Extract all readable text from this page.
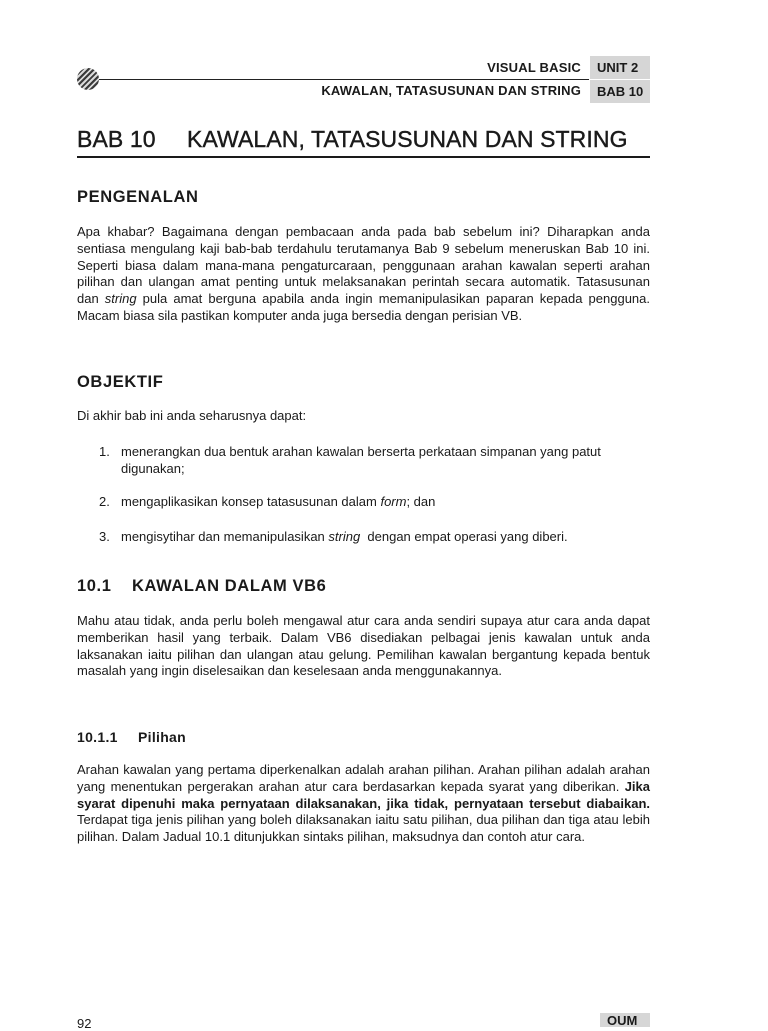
VISUAL BASIC	UNIT 2
KAWALAN, TATASUSUNAN DAN STRING	BAB 10
BAB 10 KAWALAN, TATASUSUNAN DAN STRING
PENGENALAN

Apa khabar? Bagaimana dengan pembacaan anda pada bab sebelum ini? Diharapkan anda sentiasa mengulang kaji bab-bab terdahulu terutamanya Bab 9 sebelum meneruskan Bab 10 ini. Seperti biasa dalam mana-mana pengaturcaraan, penggunaan arahan kawalan seperti arahan pilihan dan ulangan amat penting untuk melaksanakan perintah secara automatik. Tatasusunan dan string pula amat berguna apabila anda ingin memanipulasikan paparan kepada pengguna. Macam biasa sila pastikan komputer anda juga bersedia dengan perisian VB.

OBJEKTIF

Di akhir bab ini anda seharusnya dapat:

1. menerangkan dua bentuk arahan kawalan berserta perkataan simpanan yang patut digunakan;
2. mengaplikasikan konsep tatasusunan dalam form; dan
3. mengisytihar dan memanipulasikan string  dengan empat operasi yang diberi.
10.1 KAWALAN DALAM VB6

Mahu atau tidak, anda perlu boleh mengawal atur cara anda sendiri supaya atur cara anda dapat memberikan hasil yang terbaik. Dalam VB6 disediakan pelbagai jenis kawalan untuk anda laksanakan iaitu pilihan dan ulangan atau gelung. Pemilihan kawalan bergantung kepada bentuk masalah yang ingin diselesaikan dan keselesaan anda menggunakannya.

10.1.1 Pilihan

Arahan kawalan yang pertama diperkenalkan adalah arahan pilihan. Arahan pilihan adalah arahan yang menentukan pergerakan arahan atur cara berdasarkan kepada syarat yang diberikan. Jika syarat dipenuhi maka pernyataan dilaksanakan, jika tidak, pernyataan tersebut diabaikan. Terdapat tiga jenis pilihan yang boleh dilaksanakan iaitu satu pilihan, dua pilihan dan tiga atau lebih pilihan. Dalam Jadual 10.1 ditunjukkan sintaks pilihan, maksudnya dan contoh atur cara.

92	OUM
